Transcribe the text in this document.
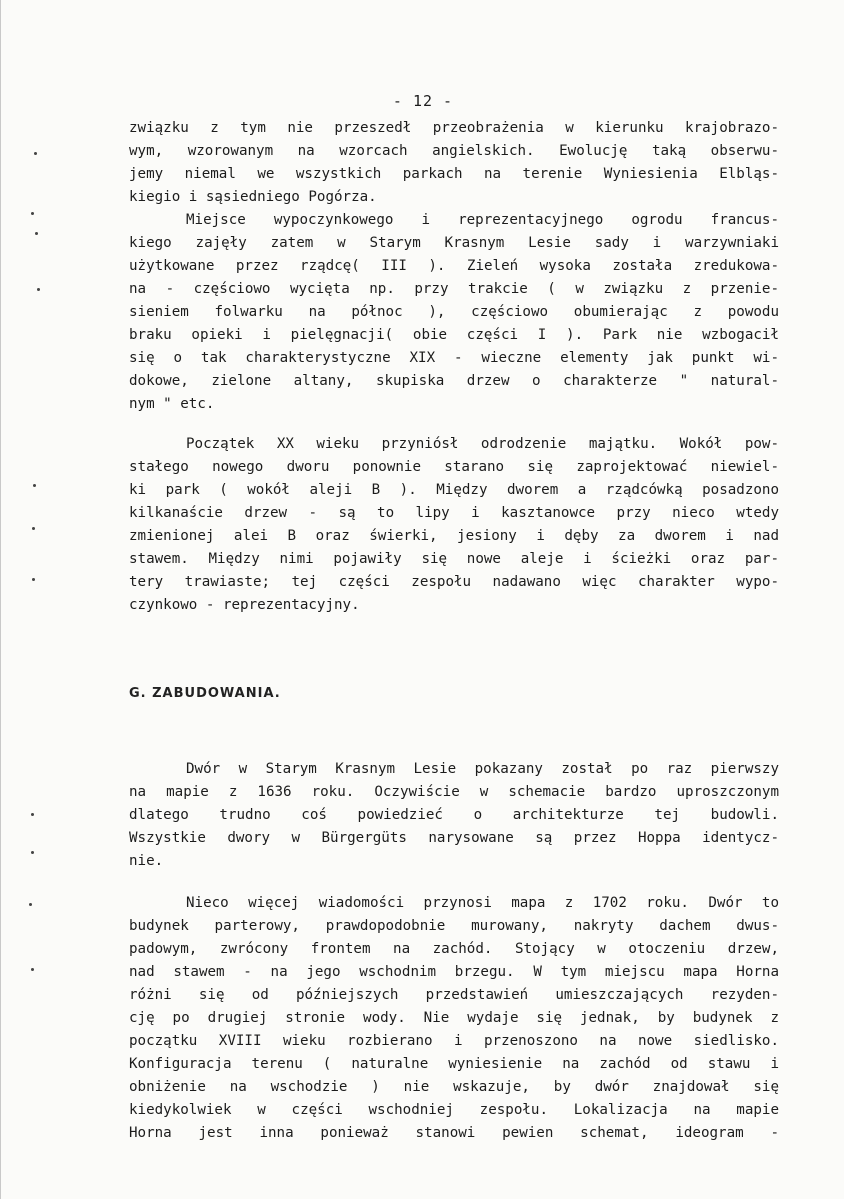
- 12 -
związku z tym nie przeszedł przeobrażenia w kierunku krajobrazo-
wym, wzorowanym na wzorcach angielskich. Ewolucję taką obserwu-
jemy niemal we wszystkich parkach na terenie Wyniesienia Elbląs-
kiegio i sąsiedniego Pogórza.
Miejsce wypoczynkowego i reprezentacyjnego ogrodu francus-
kiego zajęły zatem w Starym Krasnym Lesie sady i warzywniaki
użytkowane przez rządcę( III ). Zieleń wysoka została zredukowa-
na - częściowo wycięta np. przy trakcie ( w związku z przenie-
sieniem folwarku na północ ), częściowo obumierając z powodu
braku opieki i pielęgnacji( obie części I ). Park nie wzbogacił
się o tak charakterystyczne XIX - wieczne elementy jak punkt wi-
dokowe, zielone altany, skupiska drzew o charakterze " natural-
nym " etc.
Początek XX wieku przyniósł odrodzenie majątku. Wokół pow-
stałego nowego dworu ponownie starano się zaprojektować niewiel-
ki park ( wokół alejі B ). Między dworem a rządcówką posadzono
kilkanaście drzew - są to lipy i kasztanowce przy nieco wtedy
zmienionej alei B oraz świerki, jesiony i dęby za dworem i nad
stawem. Między nimi pojawiły się nowe aleje i ścieżki oraz par-
tery trawiaste; tej części zespołu nadawano więc charakter wypo-
czynkowo - reprezentacyjny.
G. ZABUDOWANIA.
Dwór w Starym Krasnym Lesie pokazany został po raz pierwszy
na mapie z 1636 roku. Oczywiście w schemacie bardzo uproszczonym
dlatego trudno coś powiedzieć o architekturze tej budowli.
Wszystkie dwory w Bürgergüts narysowane są przez Hoppa identycz-
nie.
Nieco więcej wiadomości przynosi mapa z 1702 roku. Dwór to
budynek parterowy, prawdopodobnie murowany, nakryty dachem dwus-
padowym, zwrócony frontem na zachód. Stojący w otoczeniu drzew,
nad stawem - na jego wschodnim brzegu. W tym miejscu mapa Horna
różni się od późniejszych przedstawień umieszczających rezyden-
cję po drugiej stronie wody. Nie wydaje się jednak, by budynek z
początku XVIII wieku rozbierano i przenoszono na nowe siedlisko.
Konfiguracja terenu ( naturalne wyniesienie na zachód od stawu i
obniżenie na wschodzie ) nie wskazuje, by dwór znajdował się
kiedykolwiek w części wschodniej zespołu. Lokalizacja na mapie
Horna jest inna ponieważ stanowi pewien schemat, ideogram -
